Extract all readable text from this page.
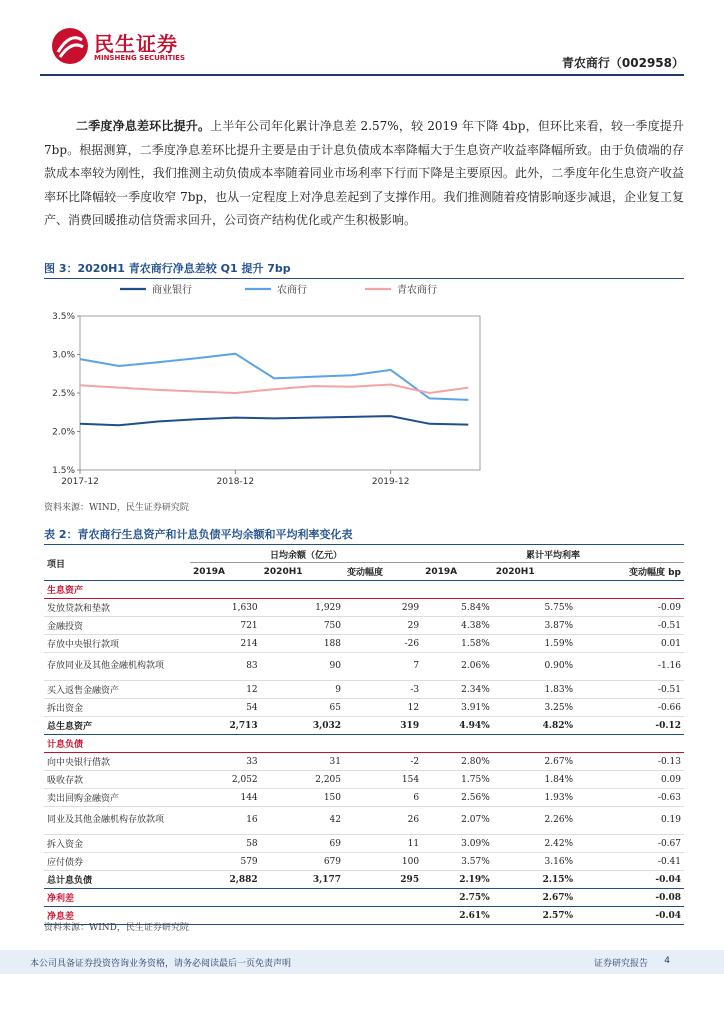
民生证券
MINSHENG SECURITIES	青农商行（002958）
二季度净息差环比提升。上半年公司年化累计净息差 2.57%，较 2019 年下降 4bp，但环比来看，较一季度提升 7bp。根据测算，二季度净息差环比提升主要是由于计息负债成本率降幅大于生息资产收益率降幅所致。由于负债端的存款成本率较为刚性，我们推测主动负债成本率随着同业市场利率下行而下降是主要原因。此外，二季度年化生息资产收益率环比降幅较一季度收窄 7bp，也从一定程度上对净息差起到了支撑作用。我们推测随着疫情影响逐步减退，企业复工复产、消费回暖推动信贷需求回升，公司资产结构优化或产生积极影响。
图 3：2020H1 青农商行净息差较 Q1 提升 7bp
1.5%
2.0%
2.5%
3.0%
3.5%
2017-12	2018-12	2019-12
商业银行	农商行	青农商行
资料来源：WIND，民生证券研究院
表 2：青农商行生息资产和计息负债平均余额和平均利率变化表
项目	日均余额（亿元）			累计平均利率		
	2019A	2020H1	变动幅度	2019A	2020H1	变动幅度 bp
生息资产						
发放贷款和垫款	1,630	1,929	299	5.84%	5.75%	-0.09
金融投资	721	750	29	4.38%	3.87%	-0.51
存放中央银行款项	214	188	-26	1.58%	1.59%	0.01
存放同业及其他金融机构款项	83	90	7	2.06%	0.90%	-1.16
买入返售金融资产	12	9	-3	2.34%	1.83%	-0.51
拆出资金	54	65	12	3.91%	3.25%	-0.66
总生息资产	2,713	3,032	319	4.94%	4.82%	-0.12
计息负债						
向中央银行借款	33	31	-2	2.80%	2.67%	-0.13
吸收存款	2,052	2,205	154	1.75%	1.84%	0.09
卖出回购金融资产	144	150	6	2.56%	1.93%	-0.63
同业及其他金融机构存放款项	16	42	26	2.07%	2.26%	0.19
拆入资金	58	69	11	3.09%	2.42%	-0.67
应付债券	579	679	100	3.57%	3.16%	-0.41
总计息负债	2,882	3,177	295	2.19%	2.15%	-0.04
净利差				2.75%	2.67%	-0.08
净息差				2.61%	2.57%	-0.04
资料来源：WIND，民生证券研究院
本公司具备证券投资咨询业务资格，请务必阅读最后一页免责声明	证券研究报告 4
